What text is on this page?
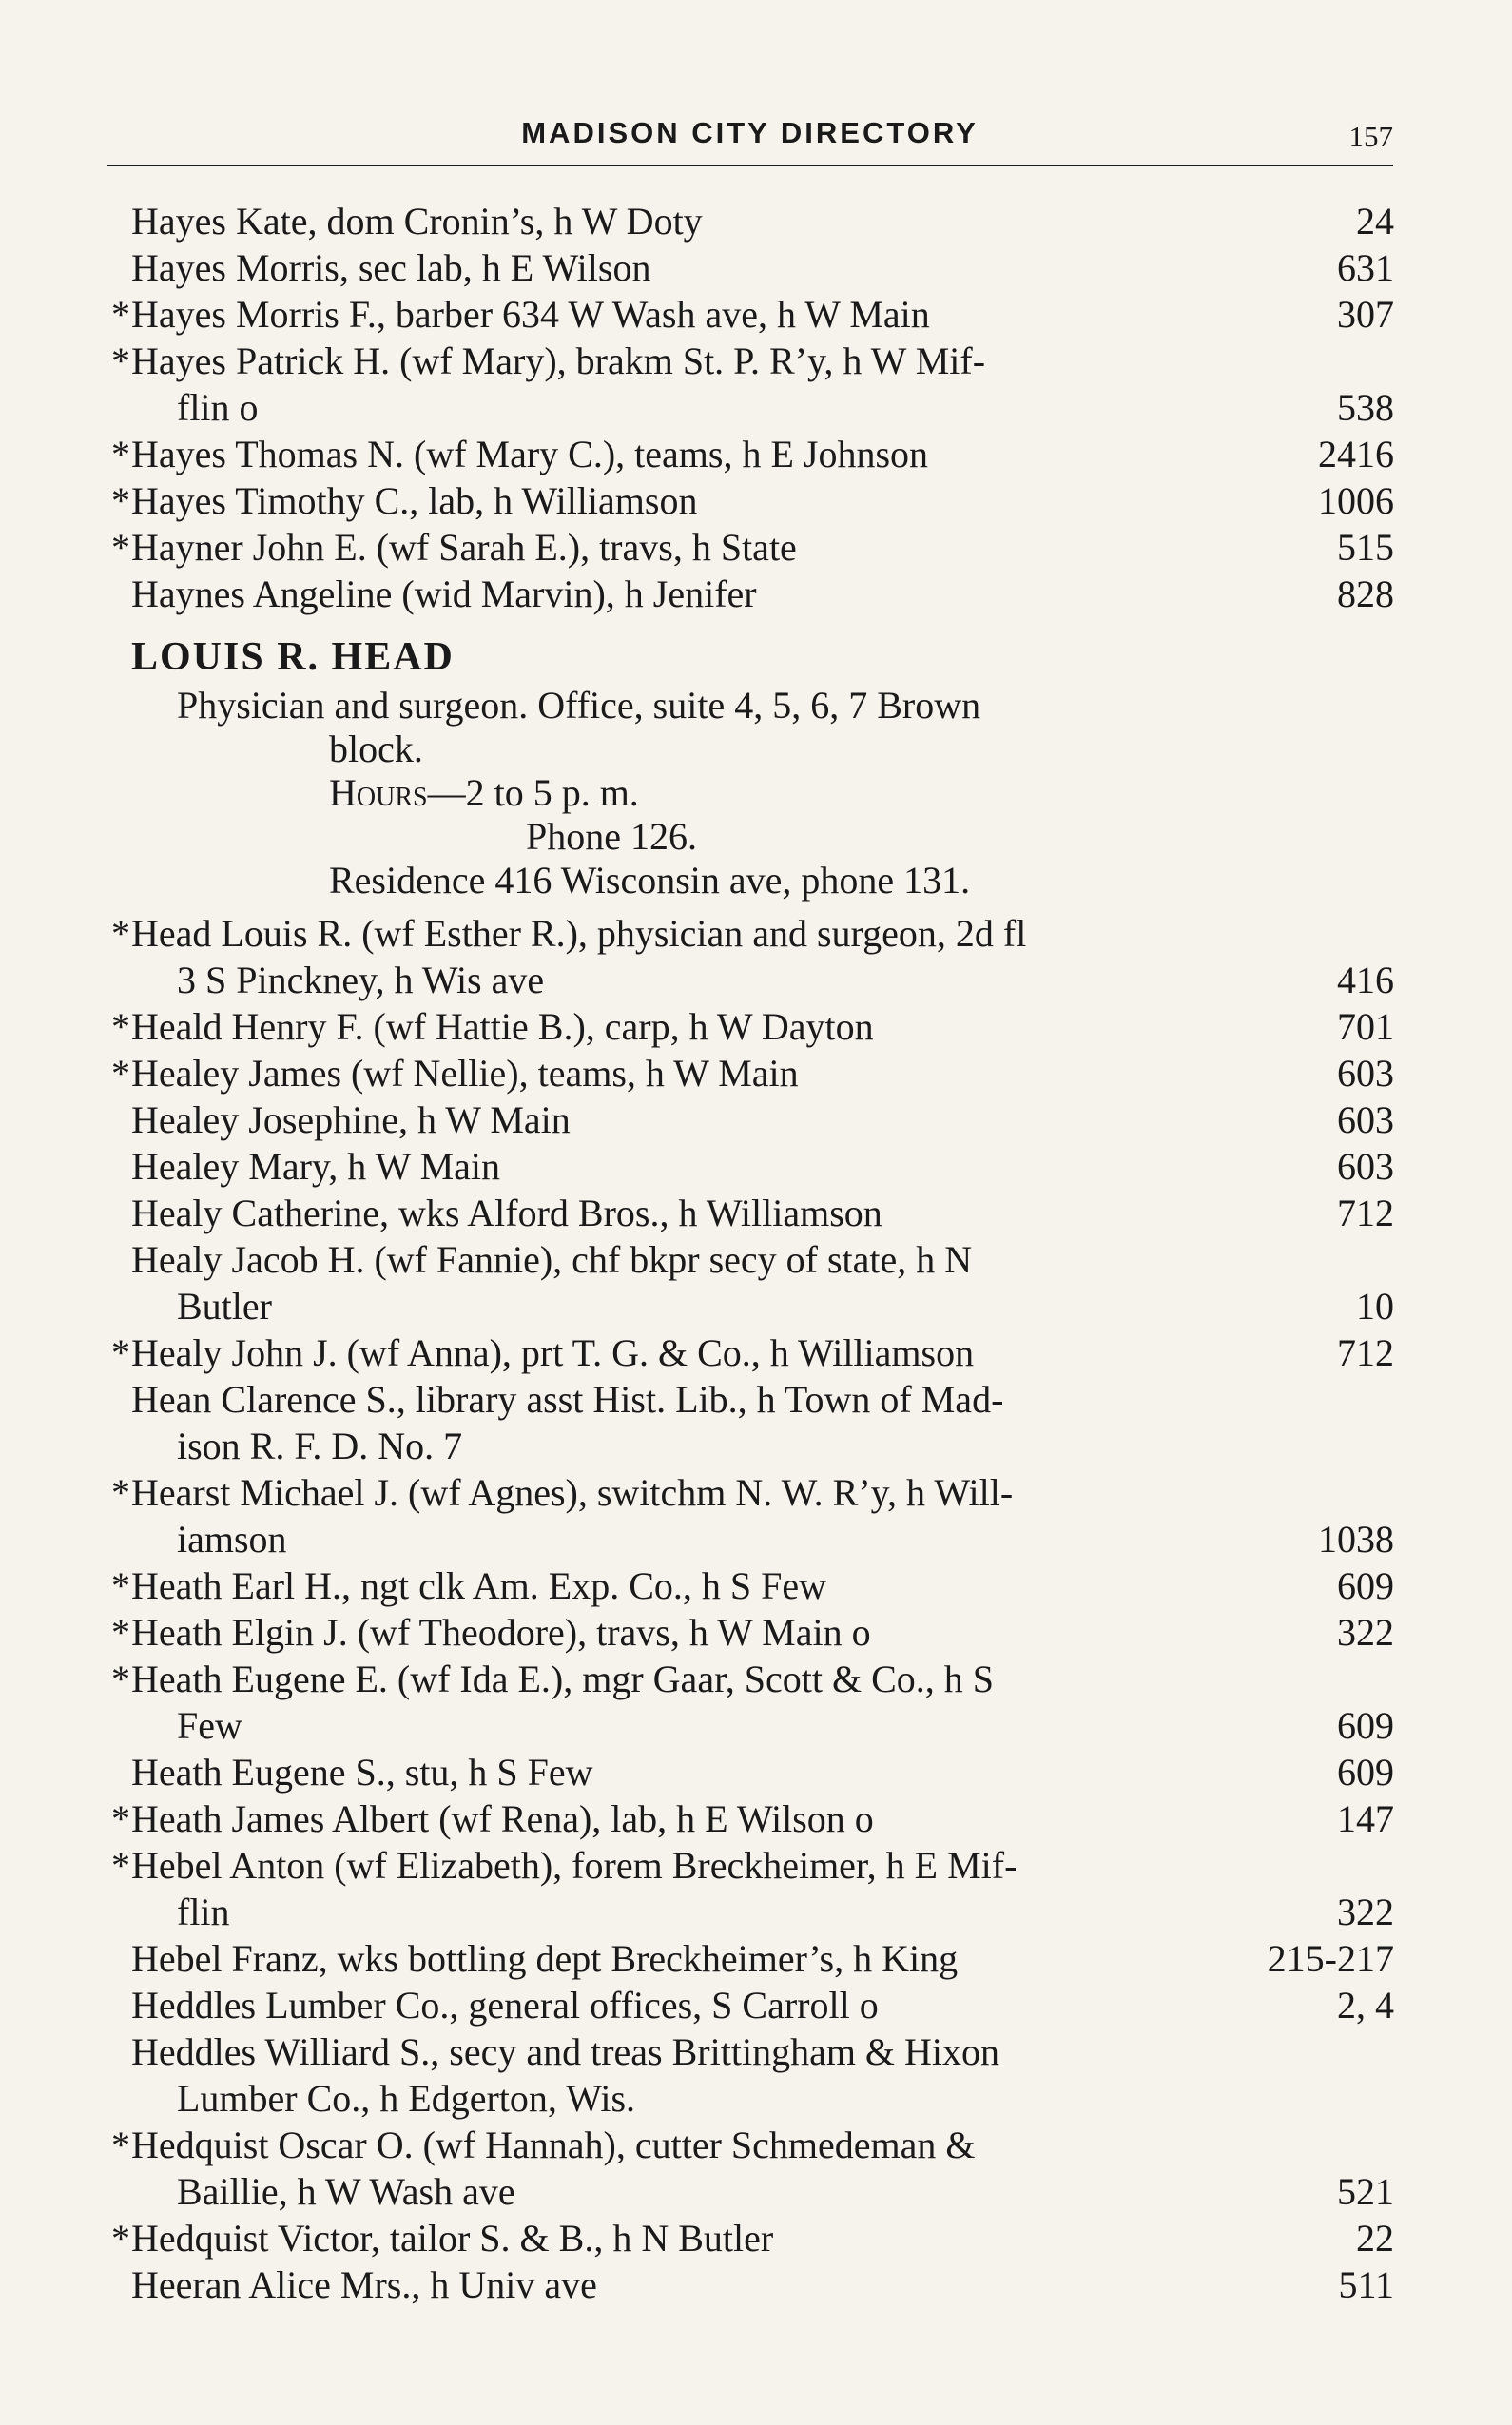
MADISON CITY DIRECTORY	157
Hayes Kate, dom Cronin’s, h W Doty	24
Hayes Morris, sec lab, h E Wilson	631
* Hayes Morris F., barber 634 W Wash ave, h W Main	307
* Hayes Patrick H. (wf Mary), brakm St. P. R’y, h W Mif-
flin o	538
* Hayes Thomas N. (wf Mary C.), teams, h E Johnson	2416
* Hayes Timothy C., lab, h Williamson	1006
* Hayner John E. (wf Sarah E.), travs, h State	515
Haynes Angeline (wid Marvin), h Jenifer	828
LOUIS R. HEAD
Physician and surgeon. Office, suite 4, 5, 6, 7 Brown
block.
Hours—2 to 5 p. m.
Phone 126.
Residence 416 Wisconsin ave, phone 131.
* Head Louis R. (wf Esther R.), physician and surgeon, 2d fl
3 S Pinckney, h Wis ave	416
* Heald Henry F. (wf Hattie B.), carp, h W Dayton	701
* Healey James (wf Nellie), teams, h W Main	603
Healey Josephine, h W Main	603
Healey Mary, h W Main	603
Healy Catherine, wks Alford Bros., h Williamson	712
Healy Jacob H. (wf Fannie), chf bkpr secy of state, h N
Butler	10
* Healy John J. (wf Anna), prt T. G. & Co., h Williamson	712
Hean Clarence S., library asst Hist. Lib., h Town of Mad-
ison R. F. D. No. 7
* Hearst Michael J. (wf Agnes), switchm N. W. R’y, h Will-
iamson	1038
* Heath Earl H., ngt clk Am. Exp. Co., h S Few	609
* Heath Elgin J. (wf Theodore), travs, h W Main o	322
* Heath Eugene E. (wf Ida E.), mgr Gaar, Scott & Co., h S
Few	609
Heath Eugene S., stu, h S Few	609
* Heath James Albert (wf Rena), lab, h E Wilson o	147
* Hebel Anton (wf Elizabeth), forem Breckheimer, h E Mif-
flin	322
Hebel Franz, wks bottling dept Breckheimer’s, h King	215-217
Heddles Lumber Co., general offices, S Carroll o	2, 4
Heddles Williard S., secy and treas Brittingham & Hixon
Lumber Co., h Edgerton, Wis.
* Hedquist Oscar O. (wf Hannah), cutter Schmedeman &
Baillie, h W Wash ave	521
* Hedquist Victor, tailor S. & B., h N Butler	22
Heeran Alice Mrs., h Univ ave	511
